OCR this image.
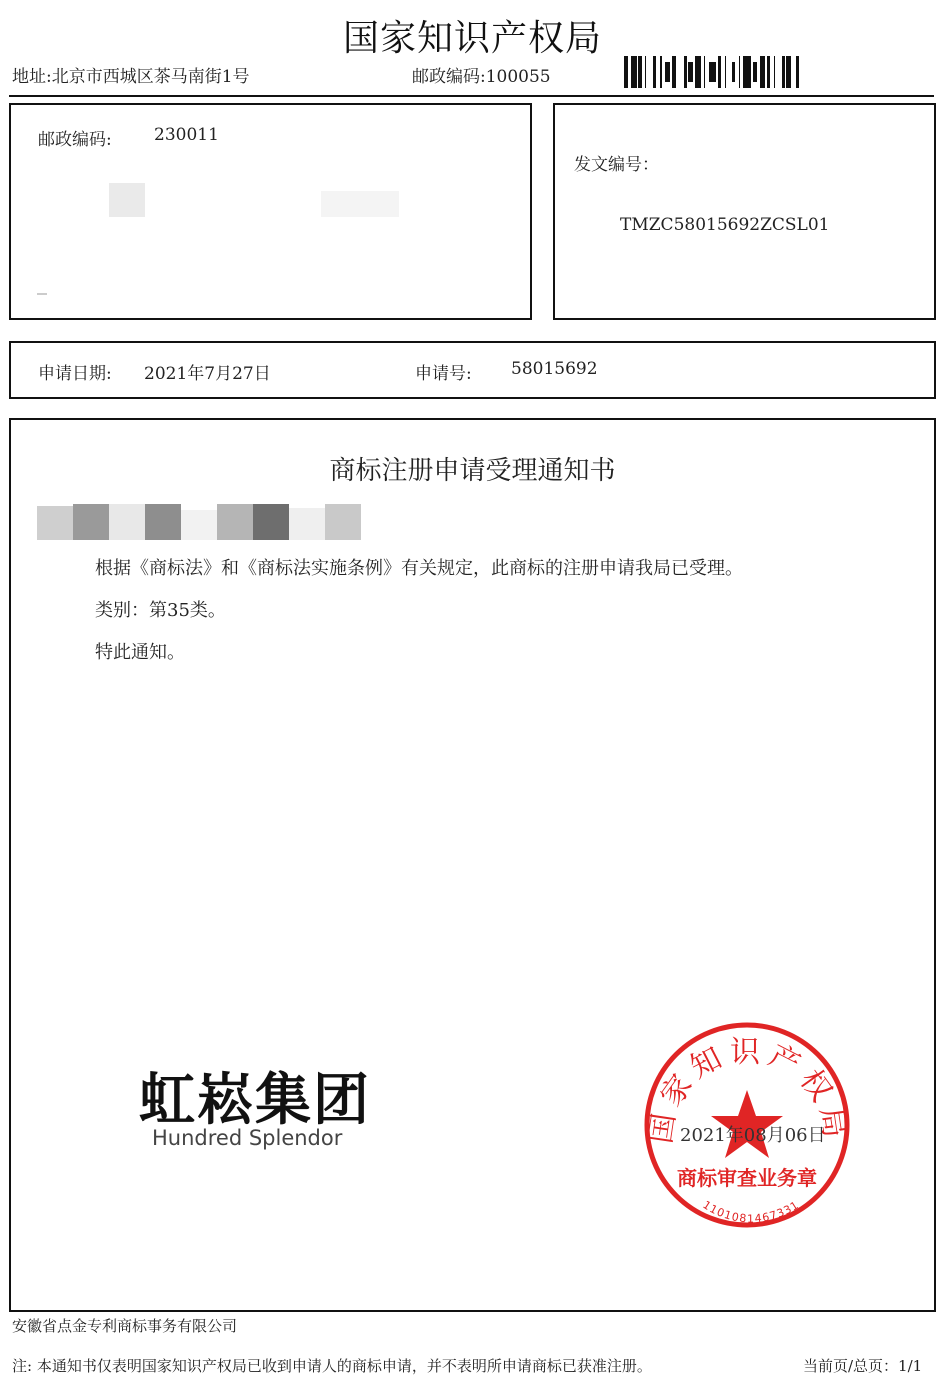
国家知识产权局
地址:北京市西城区茶马南街1号	邮政编码:100055
邮政编码: 230011
发文编号：
TMZC58015692ZCSL01
申请日期: 2021年7月27日	申请号: 58015692
商标注册申请受理通知书
根据《商标法》和《商标法实施条例》有关规定，此商标的注册申请我局已受理。
类别：第35类。
特此通知。
虹崧集团
Hundred Splendor	国家知识产权局
商标审查业务章
1101081467331
2021年08月06日
安徽省点金专利商标事务有限公司
注: 本通知书仅表明国家知识产权局已收到申请人的商标申请，并不表明所申请商标已获准注册。	当前页/总页：1/1
